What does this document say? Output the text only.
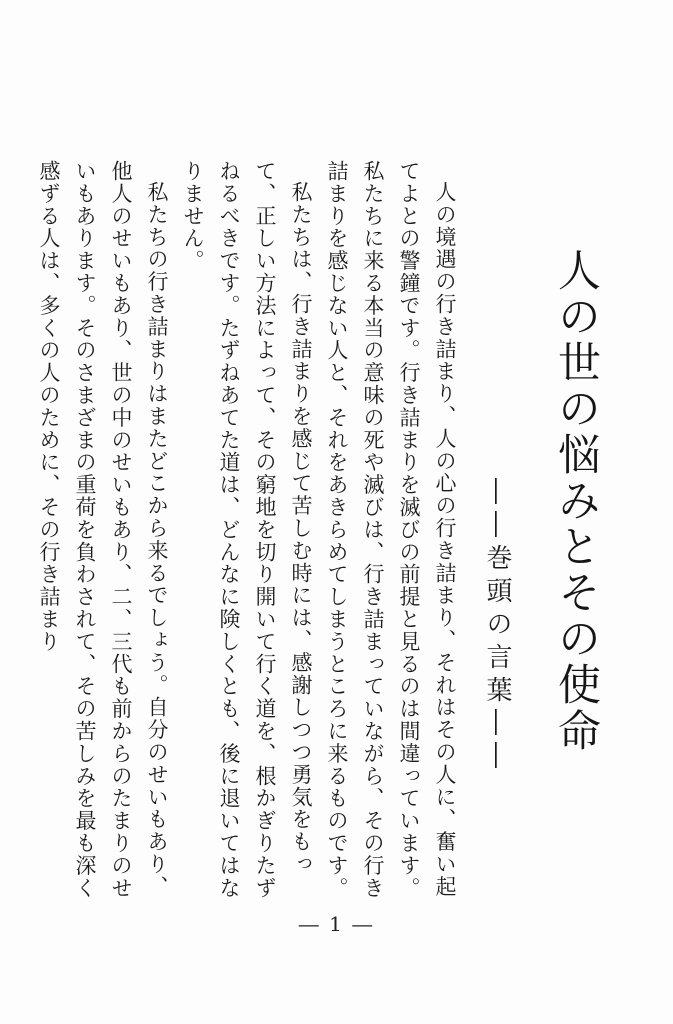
人の世の悩みとその使命
――巻頭の言葉――

人の境遇の行き詰まり、人の心の行き詰まり、それはその人に、奮い起てよとの警鐘です。行き詰まりを滅びの前提と見るのは間違っています。私たちに来る本当の意味の死や滅びは、行き詰まっていながら、その行き詰まりを感じない人と、それをあきらめてしまうところに来るものです。

私たちは、行き詰まりを感じて苦しむ時には、感謝しつつ勇気をもって、正しい方法によって、その窮地を切り開いて行く道を、根かぎりたずねるべきです。たずねあてた道は、どんなに険しくとも、後に退いてはなりません。

私たちの行き詰まりはまたどこから来るでしょう。自分のせいもあり、他人のせいもあり、世の中のせいもあり、二、三代も前からのたまりのせいもあります。そのさまざまの重荷を負わされて、その苦しみを最も深く感ずる人は、多くの人のために、その行き詰まり

― 1 ―
